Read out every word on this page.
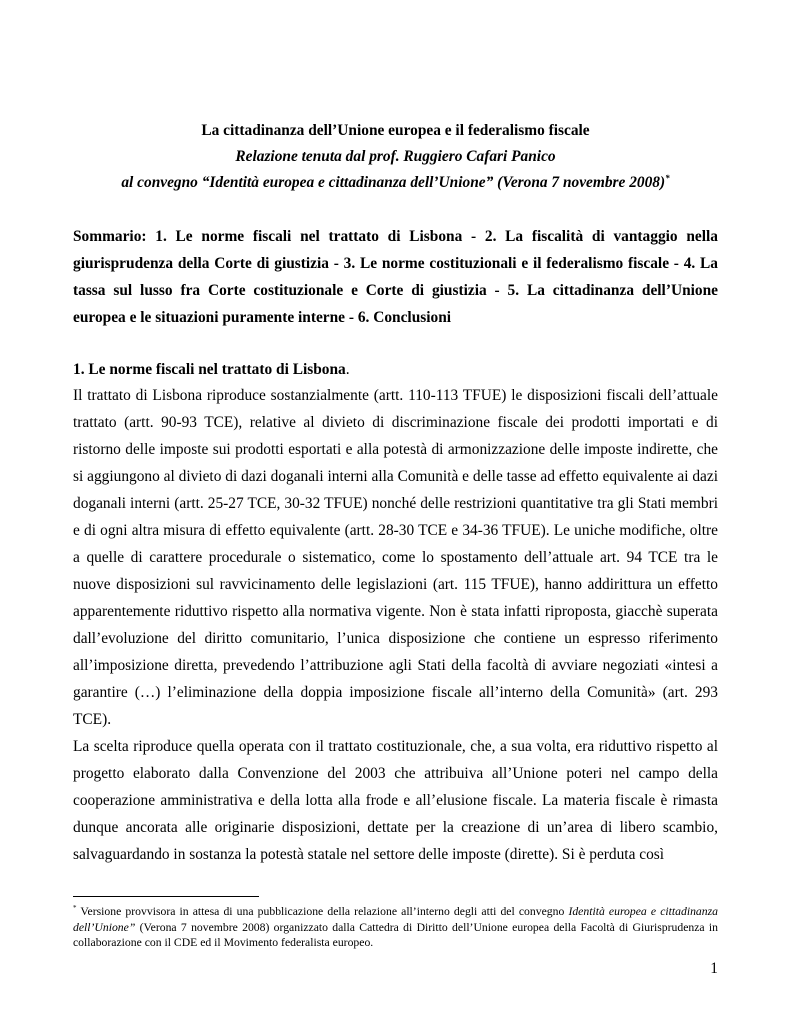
La cittadinanza dell’Unione europea e il federalismo fiscale
Relazione tenuta dal prof. Ruggiero Cafari Panico
al convegno “Identità europea e cittadinanza dell’Unione” (Verona 7 novembre 2008)*
Sommario: 1. Le norme fiscali nel trattato di Lisbona - 2. La fiscalità di vantaggio nella giurisprudenza della Corte di giustizia - 3. Le norme costituzionali e il federalismo fiscale - 4. La tassa sul lusso fra Corte costituzionale e Corte di giustizia - 5. La cittadinanza dell’Unione europea e le situazioni puramente interne - 6. Conclusioni
1. Le norme fiscali nel trattato di Lisbona.

Il trattato di Lisbona riproduce sostanzialmente (artt. 110-113 TFUE) le disposizioni fiscali dell’attuale trattato (artt. 90-93 TCE), relative al divieto di discriminazione fiscale dei prodotti importati e di ristorno delle imposte sui prodotti esportati e alla potestà di armonizzazione delle imposte indirette, che si aggiungono al divieto di dazi doganali interni alla Comunità e delle tasse ad effetto equivalente ai dazi doganali interni (artt. 25-27 TCE, 30-32 TFUE) nonché delle restrizioni quantitative tra gli Stati membri e di ogni altra misura di effetto equivalente (artt. 28-30 TCE e 34-36 TFUE). Le uniche modifiche, oltre a quelle di carattere procedurale o sistematico, come lo spostamento dell’attuale art. 94 TCE tra le nuove disposizioni sul ravvicinamento delle legislazioni (art. 115 TFUE), hanno addirittura un effetto apparentemente riduttivo rispetto alla normativa vigente. Non è stata infatti riproposta, giacchè superata dall’evoluzione del diritto comunitario, l’unica disposizione che contiene un espresso riferimento all’imposizione diretta, prevedendo l’attribuzione agli Stati della facoltà di avviare negoziati «intesi a garantire (…) l’eliminazione della doppia imposizione fiscale all’interno della Comunità» (art. 293 TCE).

La scelta riproduce quella operata con il trattato costituzionale, che, a sua volta, era riduttivo rispetto al progetto elaborato dalla Convenzione del 2003 che attribuiva all’Unione poteri nel campo della cooperazione amministrativa e della lotta alla frode e all’elusione fiscale. La materia fiscale è rimasta dunque ancorata alle originarie disposizioni, dettate per la creazione di un’area di libero scambio, salvaguardando in sostanza la potestà statale nel settore delle imposte (dirette). Si è perduta così

* Versione provvisora in attesa di una pubblicazione della relazione all’interno degli atti del convegno Identità europea e cittadinanza dell’Unione” (Verona 7 novembre 2008) organizzato dalla Cattedra di Diritto dell’Unione europea della Facoltà di Giurisprudenza in collaborazione con il CDE ed il Movimento federalista europeo.
1
